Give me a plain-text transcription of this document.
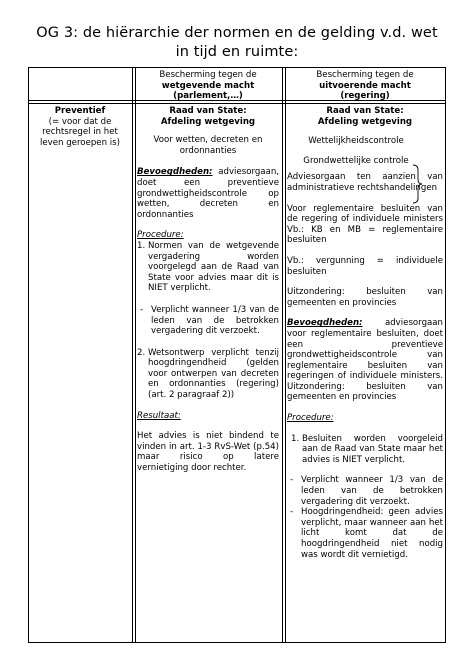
OG 3: de hiërarchie der normen en de gelding v.d. wet
in tijd en ruimte:
Bescherming tegen de
wetgevende macht
(parlement,…)
Bescherming tegen de
uitvoerende macht
(regering)
Preventief
(= voor dat de
rechtsregel in het
leven geroepen is)

Raad van State:

Afdeling wetgeving

Voor wetten, decreten en

ordonnanties

Bevoegdheden: adviesorgaan, doet een preventieve grondwettigheidscontrole op wetten, decreten en ordonnanties

Procedure:

1. Normen van de wetgevende vergadering worden voorgelegd aan de Raad van State voor advies maar dit is NIET verplicht.

- Verplicht wanneer 1/3 van de leden van de betrokken vergadering dit verzoekt.

2. Wetsontwerp verplicht tenzij hoogdringendheid (gelden voor ontwerpen van decreten en ordonnanties (regering) (art. 2 paragraaf 2))

Resultaat:

Het advies is niet bindend te vinden in art. 1-3 RvS-Wet (p.54) maar risico op latere vernietiging door rechter.

Raad van State:

Afdeling wetgeving

Wettelijkheidscontrole

Grondwettelijke controle

Adviesorgaan ten aanzien van administratieve rechtshandelingen

Voor reglementaire besluiten van de regering of individuele ministers Vb.: KB en MB = reglementaire besluiten

Vb.: vergunning = individuele besluiten

Uitzondering: besluiten van gemeenten en provincies

Bevoegdheden: adviesorgaan voor reglementaire besluiten, doet een preventieve grondwettigheidscontrole van reglementaire besluiten van regeringen of individuele ministers. Uitzondering: besluiten van gemeenten en provincies

Procedure:

1. Besluiten worden voorgeleid aan de Raad van State maar het advies is NIET verplicht.

- Verplicht wanneer 1/3 van de leden van de betrokken vergadering dit verzoekt.
- Hoogdringendheid: geen advies verplicht, maar wanneer aan het licht komt dat de hoogdringendheid niet nodig was wordt dit vernietigd.
